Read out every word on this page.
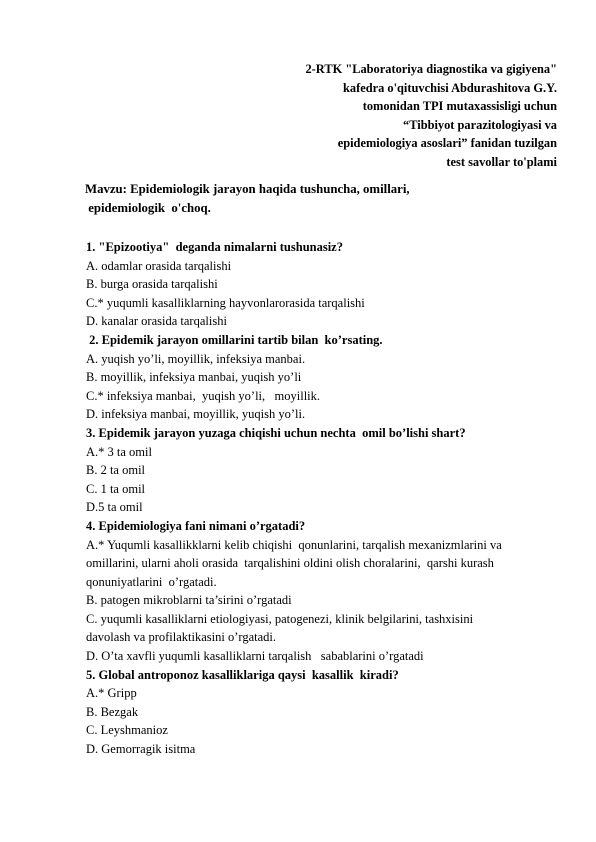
2-RTK "Laboratoriya diagnostika va gigiyena"
kafedra o'qituvchisi Abdurashitova G.Y.
tomonidan TPI mutaxassisligi uchun
“Tibbiyot parazitologiyasi va
epidemiologiya asoslari” fanidan tuzilgan
test savollar to'plami
Mavzu: Epidemiologik jarayon haqida tushuncha, omillari,
epidemiologik  o'choq.
1. "Epizootiya"  deganda nimalarni tushunasiz?
A. odamlar orasida tarqalishi
B. burga orasida tarqalishi
C.* yuqumli kasalliklarning hayvonlarorasida tarqalishi
D. kanalar orasida tarqalishi
2. Epidemik jarayon omillarini tartib bilan  ko’rsating.
A. yuqish yo’li, moyillik, infeksiya manbai.
B. moyillik, infeksiya manbai, yuqish yo’li
C.* infeksiya manbai,  yuqish yo’li,   moyillik.
D. infeksiya manbai, moyillik, yuqish yo’li.
3. Epidemik jarayon yuzaga chiqishi uchun nechta  omil bo’lishi shart?
A.* 3 ta omil
B. 2 ta omil
C. 1 ta omil
D.5 ta omil
4. Epidemiologiya fani nimani o’rgatadi?
A.* Yuqumli kasallikklarni kelib chiqishi  qonunlarini, tarqalish mexanizmlarini va
omillarini, ularni aholi orasida  tarqalishini oldini olish choralarini,  qarshi kurash
qonuniyatlarini  o’rgatadi.
B. patogen mikroblarni ta’sirini o’rgatadi
C. yuqumli kasalliklarni etiologiyasi, patogenezi, klinik belgilarini, tashxisini
davolash va profilaktikasini o’rgatadi.
D. O’ta xavfli yuqumli kasalliklarni tarqalish   sabablarini o’rgatadi
5. Global antroponoz kasalliklariga qaysi  kasallik  kiradi?
A.* Gripp
B. Bezgak
C. Leyshmanioz
D. Gemorragik isitma
